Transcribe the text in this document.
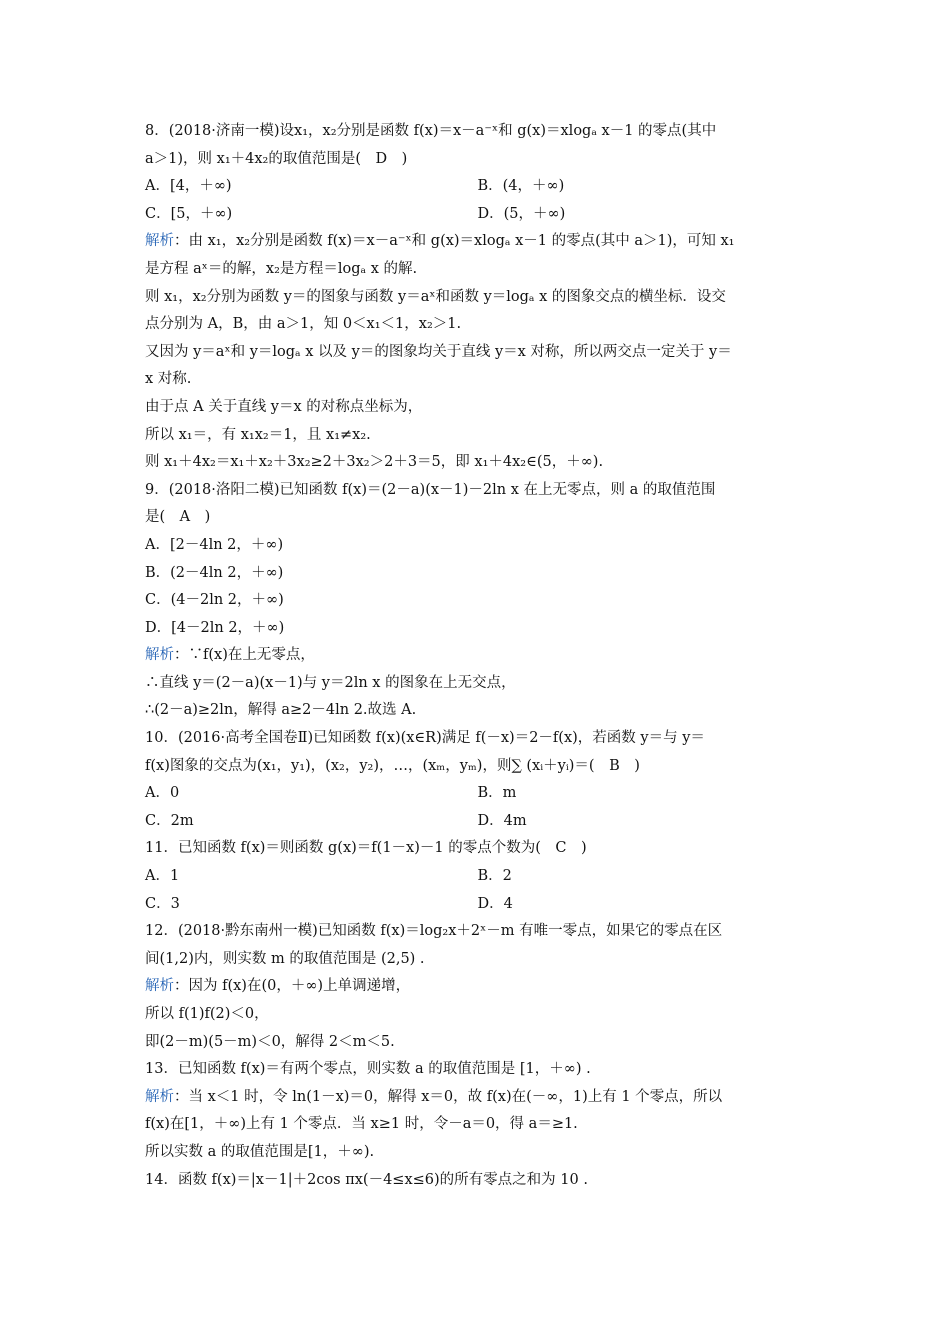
8．(2018·济南一模)设x₁，x₂分别是函数 f(x)＝x－a⁻ˣ和 g(x)＝xlogₐ x－1 的零点(其中
a＞1)，则 x₁＋4x₂的取值范围是(　D　)
A．[4，＋∞)	B．(4，＋∞)
C．[5，＋∞)	D．(5，＋∞)
解析：由 x₁，x₂分别是函数 f(x)＝x－a⁻ˣ和 g(x)＝xlogₐ x－1 的零点(其中 a＞1)，可知 x₁
是方程 aˣ＝的解，x₂是方程＝logₐ x 的解.
则 x₁，x₂分别为函数 y＝的图象与函数 y＝aˣ和函数 y＝logₐ x 的图象交点的横坐标．设交
点分别为 A，B，由 a＞1，知 0＜x₁＜1，x₂＞1.
又因为 y＝aˣ和 y＝logₐ x 以及 y＝的图象均关于直线 y＝x 对称，所以两交点一定关于 y＝
x 对称.
由于点 A 关于直线 y＝x 的对称点坐标为，
所以 x₁＝，有 x₁x₂＝1，且 x₁≠x₂.
则 x₁＋4x₂＝x₁＋x₂＋3x₂≥2＋3x₂＞2＋3＝5，即 x₁＋4x₂∈(5，＋∞).
9．(2018·洛阳二模)已知函数 f(x)＝(2－a)(x－1)－2ln x 在上无零点，则 a 的取值范围
是(　A　)
A．[2－4ln 2，＋∞)
B．(2－4ln 2，＋∞)
C．(4－2ln 2，＋∞)
D．[4－2ln 2，＋∞)
解析：∵f(x)在上无零点，
∴直线 y＝(2－a)(x－1)与 y＝2ln x 的图象在上无交点，
∴(2－a)≥2ln，解得 a≥2－4ln 2.故选 A.
10．(2016·高考全国卷Ⅱ)已知函数 f(x)(x∈R)满足 f(－x)＝2－f(x)，若函数 y＝与 y＝
f(x)图象的交点为(x₁，y₁)，(x₂，y₂)，…，(xₘ，yₘ)，则∑ (xᵢ＋yᵢ)＝(　B　)
A．0	B．m
C．2m	D．4m
11．已知函数 f(x)＝则函数 g(x)＝f(1－x)－1 的零点个数为(　C　)
A．1	B．2
C．3	D．4
12．(2018·黔东南州一模)已知函数 f(x)＝log₂x＋2ˣ－m 有唯一零点，如果它的零点在区
间(1,2)内，则实数 m 的取值范围是 (2,5) .
解析：因为 f(x)在(0，＋∞)上单调递增，
所以 f(1)f(2)＜0，
即(2－m)(5－m)＜0，解得 2＜m＜5.
13．已知函数 f(x)＝有两个零点，则实数 a 的取值范围是 [1，＋∞) .
解析：当 x＜1 时，令 ln(1－x)＝0，解得 x＝0，故 f(x)在(－∞，1)上有 1 个零点，所以
f(x)在[1，＋∞)上有 1 个零点．当 x≥1 时，令－a＝0，得 a＝≥1.
所以实数 a 的取值范围是[1，＋∞).
14．函数 f(x)＝|x－1|＋2cos πx(－4≤x≤6)的所有零点之和为 10 .
